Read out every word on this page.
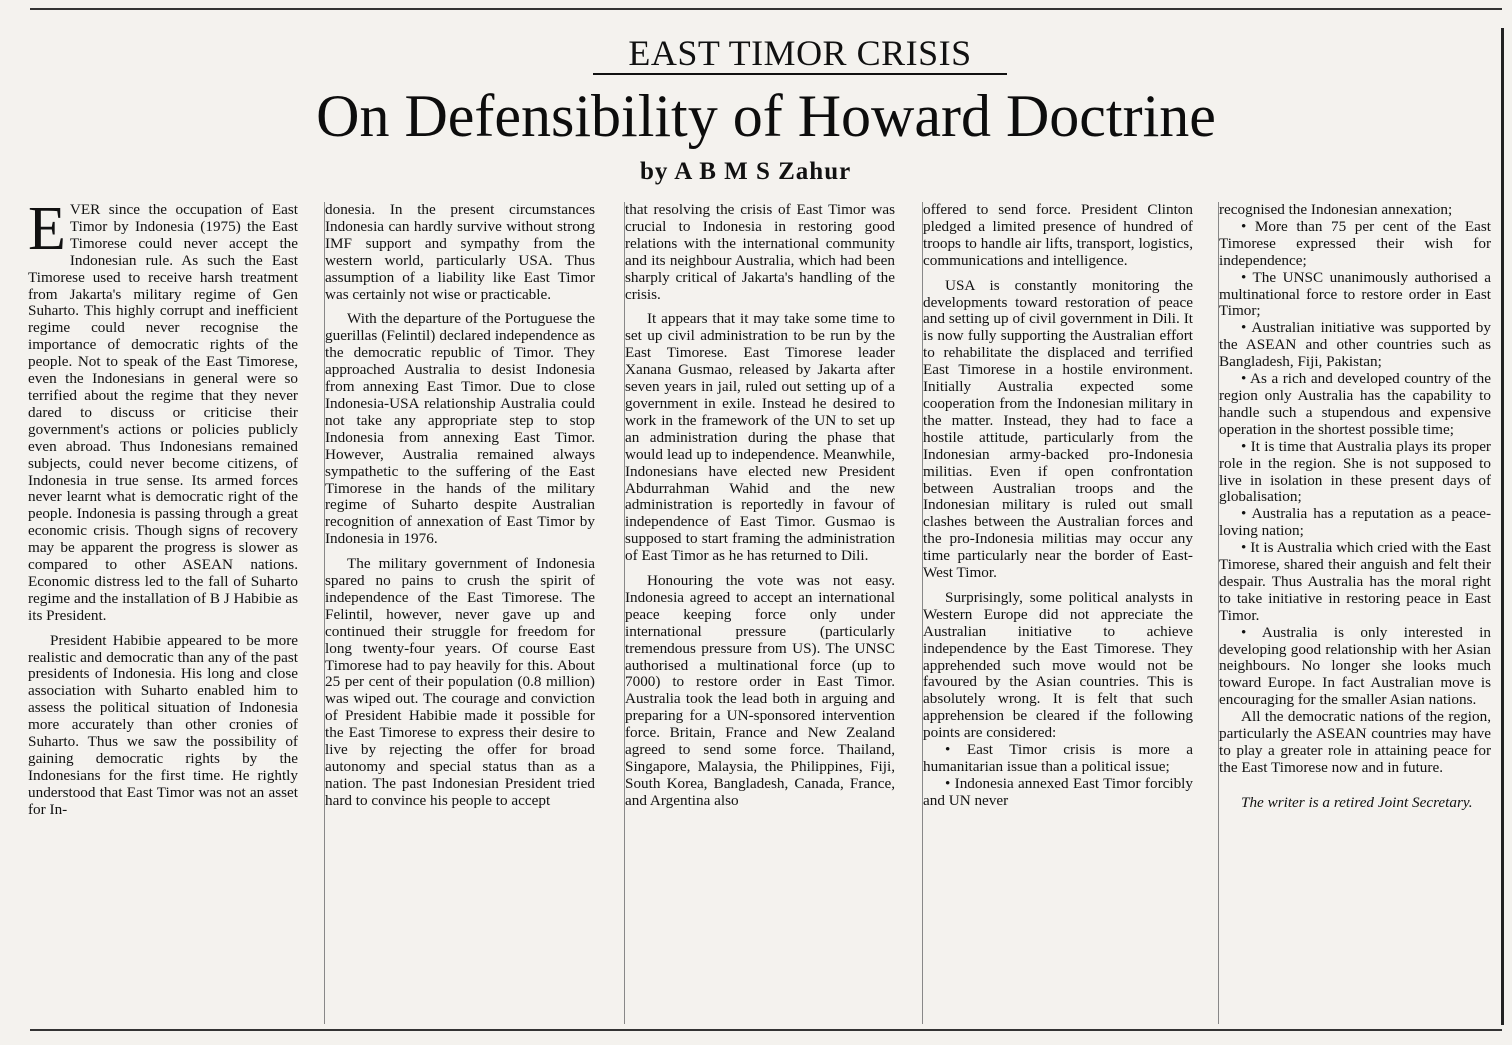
EAST TIMOR CRISIS
On Defensibility of Howard Doctrine
by A B M S Zahur

EVER since the occupation of East Timor by Indonesia (1975) the East Timorese could never accept the Indonesian rule. As such the East Timorese used to receive harsh treatment from Jakarta's military regime of Gen Suharto. This highly corrupt and inefficient regime could never recognise the importance of democratic rights of the people. Not to speak of the East Timorese, even the Indonesians in general were so terrified about the regime that they never dared to discuss or criticise their government's actions or policies publicly even abroad. Thus Indonesians remained subjects, could never become citizens, of Indonesia in true sense. Its armed forces never learnt what is democratic right of the people. Indonesia is passing through a great economic crisis. Though signs of recovery may be apparent the progress is slower as compared to other ASEAN nations. Economic distress led to the fall of Suharto regime and the installation of B J Habibie as its President.

President Habibie appeared to be more realistic and democratic than any of the past presidents of Indonesia. His long and close association with Suharto enabled him to assess the political situation of Indonesia more accurately than other cronies of Suharto. Thus we saw the possibility of gaining democratic rights by the Indonesians for the first time. He rightly understood that East Timor was not an asset for In-

donesia. In the present circumstances Indonesia can hardly survive without strong IMF support and sympathy from the western world, particularly USA. Thus assumption of a liability like East Timor was certainly not wise or practicable.

With the departure of the Portuguese the guerillas (Felintil) declared independence as the democratic republic of Timor. They approached Australia to desist Indonesia from annexing East Timor. Due to close Indonesia-USA relationship Australia could not take any appropriate step to stop Indonesia from annexing East Timor. However, Australia remained always sympathetic to the suffering of the East Timorese in the hands of the military regime of Suharto despite Australian recognition of annexation of East Timor by Indonesia in 1976.

The military government of Indonesia spared no pains to crush the spirit of independence of the East Timorese. The Felintil, however, never gave up and continued their struggle for freedom for long twenty-four years. Of course East Timorese had to pay heavily for this. About 25 per cent of their population (0.8 million) was wiped out. The courage and conviction of President Habibie made it possible for the East Timorese to express their desire to live by rejecting the offer for broad autonomy and special status than as a nation. The past Indonesian President tried hard to convince his people to accept

that resolving the crisis of East Timor was crucial to Indonesia in restoring good relations with the international community and its neighbour Australia, which had been sharply critical of Jakarta's handling of the crisis.

It appears that it may take some time to set up civil administration to be run by the East Timorese. East Timorese leader Xanana Gusmao, released by Jakarta after seven years in jail, ruled out setting up of a government in exile. Instead he desired to work in the framework of the UN to set up an administration during the phase that would lead up to independence. Meanwhile, Indonesians have elected new President Abdurrahman Wahid and the new administration is reportedly in favour of independence of East Timor. Gusmao is supposed to start framing the administration of East Timor as he has returned to Dili.

Honouring the vote was not easy. Indonesia agreed to accept an international peace keeping force only under international pressure (particularly tremendous pressure from US). The UNSC authorised a multinational force (up to 7000) to restore order in East Timor. Australia took the lead both in arguing and preparing for a UN-sponsored intervention force. Britain, France and New Zealand agreed to send some force. Thailand, Singapore, Malaysia, the Philippines, Fiji, South Korea, Bangladesh, Canada, France, and Argentina also

offered to send force. President Clinton pledged a limited presence of hundred of troops to handle air lifts, transport, logistics, communications and intelligence.

USA is constantly monitoring the developments toward restoration of peace and setting up of civil government in Dili. It is now fully supporting the Australian effort to rehabilitate the displaced and terrified East Timorese in a hostile environment. Initially Australia expected some cooperation from the Indonesian military in the matter. Instead, they had to face a hostile attitude, particularly from the Indonesian army-backed pro-Indonesia militias. Even if open confrontation between Australian troops and the Indonesian military is ruled out small clashes between the Australian forces and the pro-Indonesia militias may occur any time particularly near the border of East-West Timor.

Surprisingly, some political analysts in Western Europe did not appreciate the Australian initiative to achieve independence by the East Timorese. They apprehended such move would not be favoured by the Asian countries. This is absolutely wrong. It is felt that such apprehension be cleared if the following points are considered:

• East Timor crisis is more a humanitarian issue than a political issue;

• Indonesia annexed East Timor forcibly and UN never

recognised the Indonesian annexation;

• More than 75 per cent of the East Timorese expressed their wish for independence;

• The UNSC unanimously authorised a multinational force to restore order in East Timor;

• Australian initiative was supported by the ASEAN and other countries such as Bangladesh, Fiji, Pakistan;

• As a rich and developed country of the region only Australia has the capability to handle such a stupendous and expensive operation in the shortest possible time;

• It is time that Australia plays its proper role in the region. She is not supposed to live in isolation in these present days of globalisation;

• Australia has a reputation as a peace-loving nation;

• It is Australia which cried with the East Timorese, shared their anguish and felt their despair. Thus Australia has the moral right to take initiative in restoring peace in East Timor.

• Australia is only interested in developing good relationship with her Asian neighbours. No longer she looks much toward Europe. In fact Australian move is encouraging for the smaller Asian nations.

All the democratic nations of the region, particularly the ASEAN countries may have to play a greater role in attaining peace for the East Timorese now and in future.

The writer is a retired Joint Secretary.
